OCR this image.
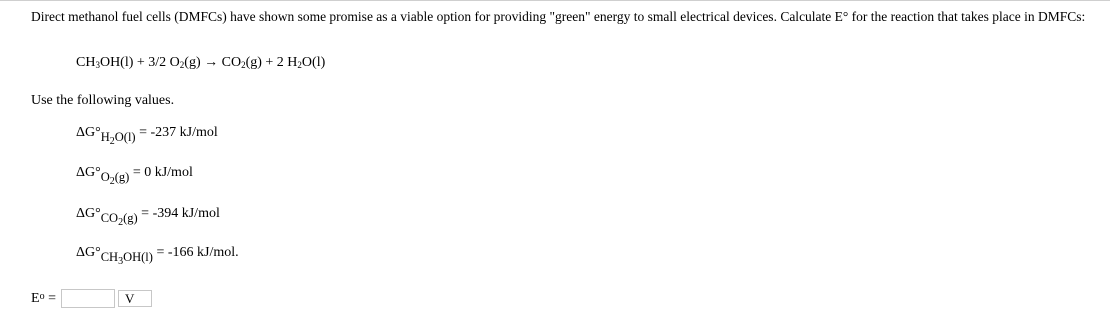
Direct methanol fuel cells (DMFCs) have shown some promise as a viable option for providing "green" energy to small electrical devices. Calculate E° for the reaction that takes place in DMFCs:
CH3OH(l) + 3/2 O2(g) → CO2(g) + 2 H2O(l)
Use the following values.
$\Delta G^\circ H_2O(l) = -237$ kJ/mol
$\Delta G^\circ O_2(g) = 0$ kJ/mol
$\Delta G^\circ CO_2(g) = -394$ kJ/mol
$\Delta G^\circ CH_3OH(l) = -166$ kJ/mol.
$E^o$ =	V
